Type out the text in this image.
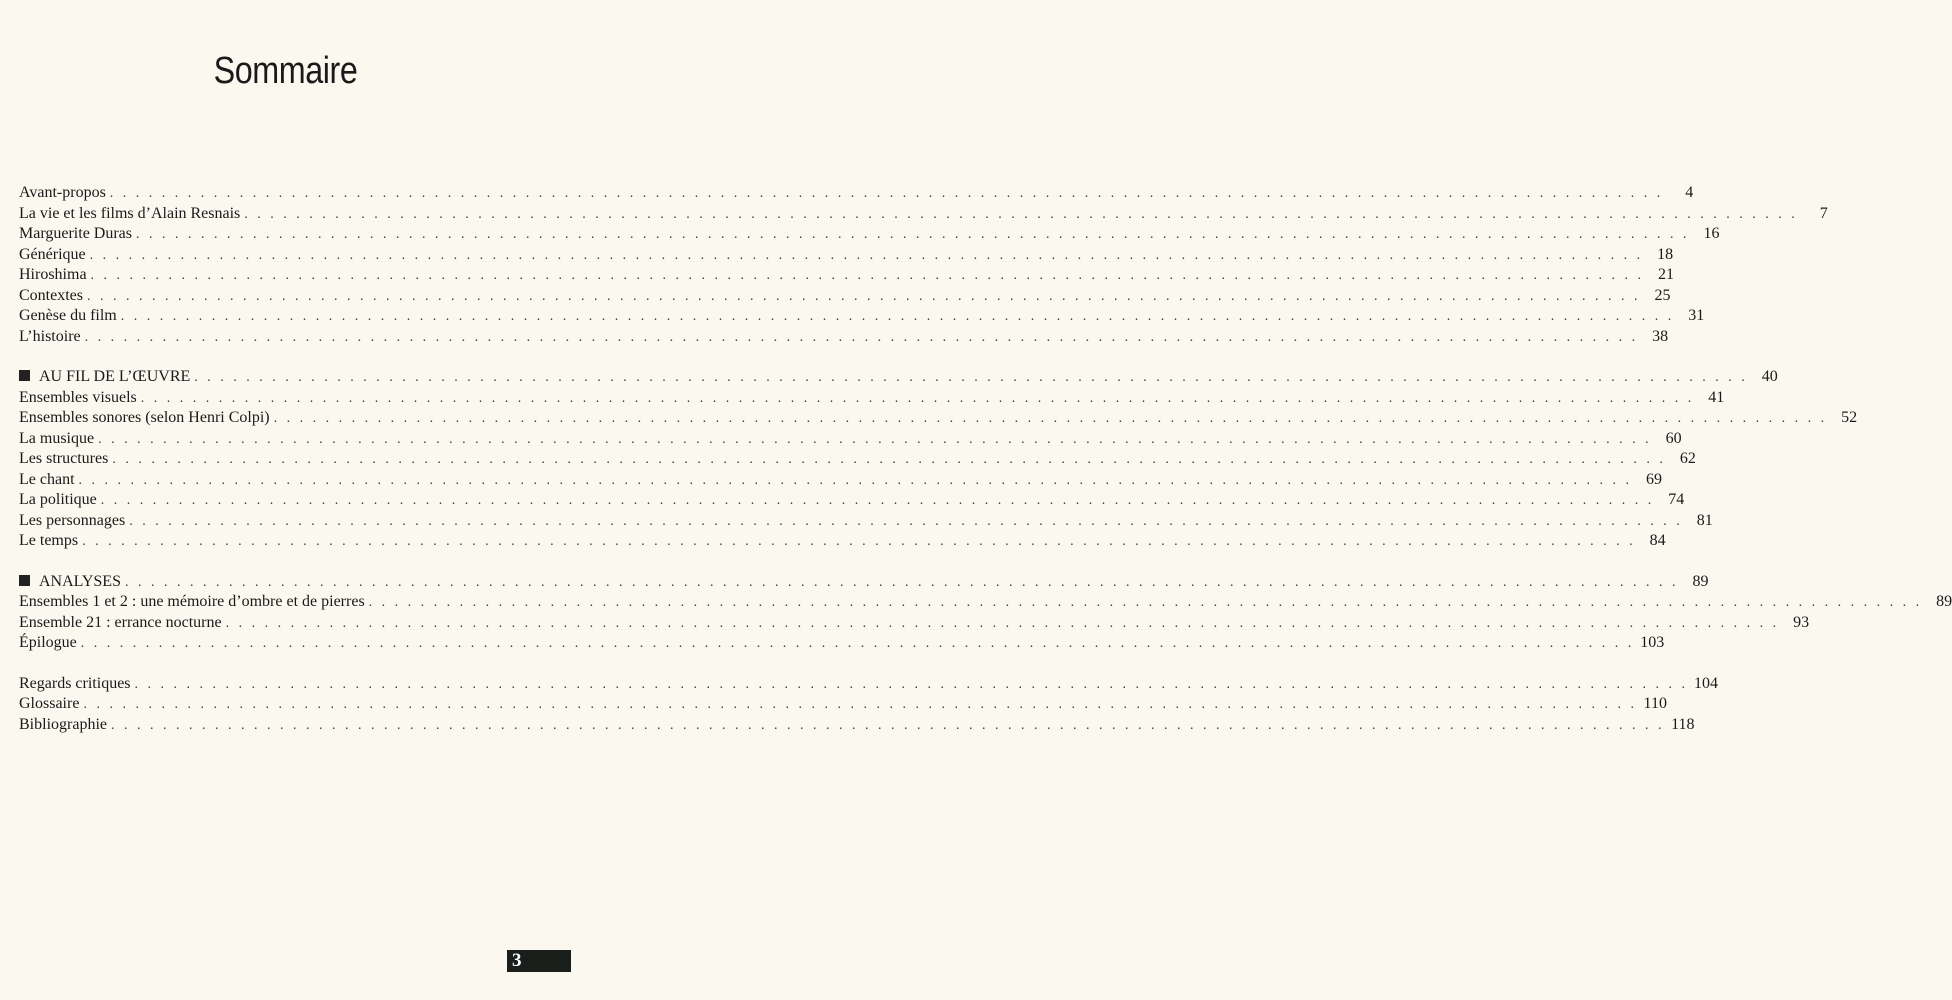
Sommaire
Avant-propos . . . . . . . . . . . . . . . . . . . . . . . . . . . . . . . . . . . . . . . . . . . . . . . . . . . . . . . . . . . . . . . . . . . . . . . . . . . . . . . . . . . . . . . . . . . . . . . . . . . . . . . . . . . . . . . . . . . . . . . .	4
La vie et les films d’Alain Resnais . . . . . . . . . . . . . . . . . . . . . . . . . . . . . . . . . . . . . . . . . . . . . . . . . . . . . . . . . . . . . . . . . . . . . . . . . . . . . . . . . . . . . . . . . . . . . . . . . . . . . . . . . . . . . . . . . . . . . . . .	7
Marguerite Duras . . . . . . . . . . . . . . . . . . . . . . . . . . . . . . . . . . . . . . . . . . . . . . . . . . . . . . . . . . . . . . . . . . . . . . . . . . . . . . . . . . . . . . . . . . . . . . . . . . . . . . . . . . . . . . . . . . . . . . . . 16
Générique . . . . . . . . . . . . . . . . . . . . . . . . . . . . . . . . . . . . . . . . . . . . . . . . . . . . . . . . . . . . . . . . . . . . . . . . . . . . . . . . . . . . . . . . . . . . . . . . . . . . . . . . . . . . . . . . . . . . . . . . 18
Hiroshima . . . . . . . . . . . . . . . . . . . . . . . . . . . . . . . . . . . . . . . . . . . . . . . . . . . . . . . . . . . . . . . . . . . . . . . . . . . . . . . . . . . . . . . . . . . . . . . . . . . . . . . . . . . . . . . . . . . . . . . . 21
Contextes . . . . . . . . . . . . . . . . . . . . . . . . . . . . . . . . . . . . . . . . . . . . . . . . . . . . . . . . . . . . . . . . . . . . . . . . . . . . . . . . . . . . . . . . . . . . . . . . . . . . . . . . . . . . . . . . . . . . . . . . 25
Genèse du film . . . . . . . . . . . . . . . . . . . . . . . . . . . . . . . . . . . . . . . . . . . . . . . . . . . . . . . . . . . . . . . . . . . . . . . . . . . . . . . . . . . . . . . . . . . . . . . . . . . . . . . . . . . . . . . . . . . . . . . . 31
L’histoire . . . . . . . . . . . . . . . . . . . . . . . . . . . . . . . . . . . . . . . . . . . . . . . . . . . . . . . . . . . . . . . . . . . . . . . . . . . . . . . . . . . . . . . . . . . . . . . . . . . . . . . . . . . . . . . . . . . . . . . . 38
AU FIL DE L’ŒUVRE . . . . . . . . . . . . . . . . . . . . . . . . . . . . . . . . . . . . . . . . . . . . . . . . . . . . . . . . . . . . . . . . . . . . . . . . . . . . . . . . . . . . . . . . . . . . . . . . . . . . . . . . . . . . . . . . . . . . . . . . 40
Ensembles visuels . . . . . . . . . . . . . . . . . . . . . . . . . . . . . . . . . . . . . . . . . . . . . . . . . . . . . . . . . . . . . . . . . . . . . . . . . . . . . . . . . . . . . . . . . . . . . . . . . . . . . . . . . . . . . . . . . . . . . . . . 41
Ensembles sonores (selon Henri Colpi) . . . . . . . . . . . . . . . . . . . . . . . . . . . . . . . . . . . . . . . . . . . . . . . . . . . . . . . . . . . . . . . . . . . . . . . . . . . . . . . . . . . . . . . . . . . . . . . . . . . . . . . . . . . . . . . . . . . . . . . . 52
La musique . . . . . . . . . . . . . . . . . . . . . . . . . . . . . . . . . . . . . . . . . . . . . . . . . . . . . . . . . . . . . . . . . . . . . . . . . . . . . . . . . . . . . . . . . . . . . . . . . . . . . . . . . . . . . . . . . . . . . . . . 60
Les structures . . . . . . . . . . . . . . . . . . . . . . . . . . . . . . . . . . . . . . . . . . . . . . . . . . . . . . . . . . . . . . . . . . . . . . . . . . . . . . . . . . . . . . . . . . . . . . . . . . . . . . . . . . . . . . . . . . . . . . . . 62
Le chant . . . . . . . . . . . . . . . . . . . . . . . . . . . . . . . . . . . . . . . . . . . . . . . . . . . . . . . . . . . . . . . . . . . . . . . . . . . . . . . . . . . . . . . . . . . . . . . . . . . . . . . . . . . . . . . . . . . . . . . . 69
La politique . . . . . . . . . . . . . . . . . . . . . . . . . . . . . . . . . . . . . . . . . . . . . . . . . . . . . . . . . . . . . . . . . . . . . . . . . . . . . . . . . . . . . . . . . . . . . . . . . . . . . . . . . . . . . . . . . . . . . . . . 74
Les personnages . . . . . . . . . . . . . . . . . . . . . . . . . . . . . . . . . . . . . . . . . . . . . . . . . . . . . . . . . . . . . . . . . . . . . . . . . . . . . . . . . . . . . . . . . . . . . . . . . . . . . . . . . . . . . . . . . . . . . . . . 81
Le temps . . . . . . . . . . . . . . . . . . . . . . . . . . . . . . . . . . . . . . . . . . . . . . . . . . . . . . . . . . . . . . . . . . . . . . . . . . . . . . . . . . . . . . . . . . . . . . . . . . . . . . . . . . . . . . . . . . . . . . . . 84
ANALYSES . . . . . . . . . . . . . . . . . . . . . . . . . . . . . . . . . . . . . . . . . . . . . . . . . . . . . . . . . . . . . . . . . . . . . . . . . . . . . . . . . . . . . . . . . . . . . . . . . . . . . . . . . . . . . . . . . . . . . . . . 89
Ensembles 1 et 2 : une mémoire d’ombre et de pierres . . . . . . . . . . . . . . . . . . . . . . . . . . . . . . . . . . . . . . . . . . . . . . . . . . . . . . . . . . . . . . . . . . . . . . . . . . . . . . . . . . . . . . . . . . . . . . . . . . . . . . . . . . . . . . . . . . . . . . . . 89
Ensemble 21 : errance nocturne . . . . . . . . . . . . . . . . . . . . . . . . . . . . . . . . . . . . . . . . . . . . . . . . . . . . . . . . . . . . . . . . . . . . . . . . . . . . . . . . . . . . . . . . . . . . . . . . . . . . . . . . . . . . . . . . . . . . . . . . 93
Épilogue . . . . . . . . . . . . . . . . . . . . . . . . . . . . . . . . . . . . . . . . . . . . . . . . . . . . . . . . . . . . . . . . . . . . . . . . . . . . . . . . . . . . . . . . . . . . . . . . . . . . . . . . . . . . . . . . . . . . . . . . 103
Regards critiques . . . . . . . . . . . . . . . . . . . . . . . . . . . . . . . . . . . . . . . . . . . . . . . . . . . . . . . . . . . . . . . . . . . . . . . . . . . . . . . . . . . . . . . . . . . . . . . . . . . . . . . . . . . . . . . . . . . . . . . . 104
Glossaire . . . . . . . . . . . . . . . . . . . . . . . . . . . . . . . . . . . . . . . . . . . . . . . . . . . . . . . . . . . . . . . . . . . . . . . . . . . . . . . . . . . . . . . . . . . . . . . . . . . . . . . . . . . . . . . . . . . . . . . . 110
Bibliographie . . . . . . . . . . . . . . . . . . . . . . . . . . . . . . . . . . . . . . . . . . . . . . . . . . . . . . . . . . . . . . . . . . . . . . . . . . . . . . . . . . . . . . . . . . . . . . . . . . . . . . . . . . . . . . . . . . . . . . . . 118
3
